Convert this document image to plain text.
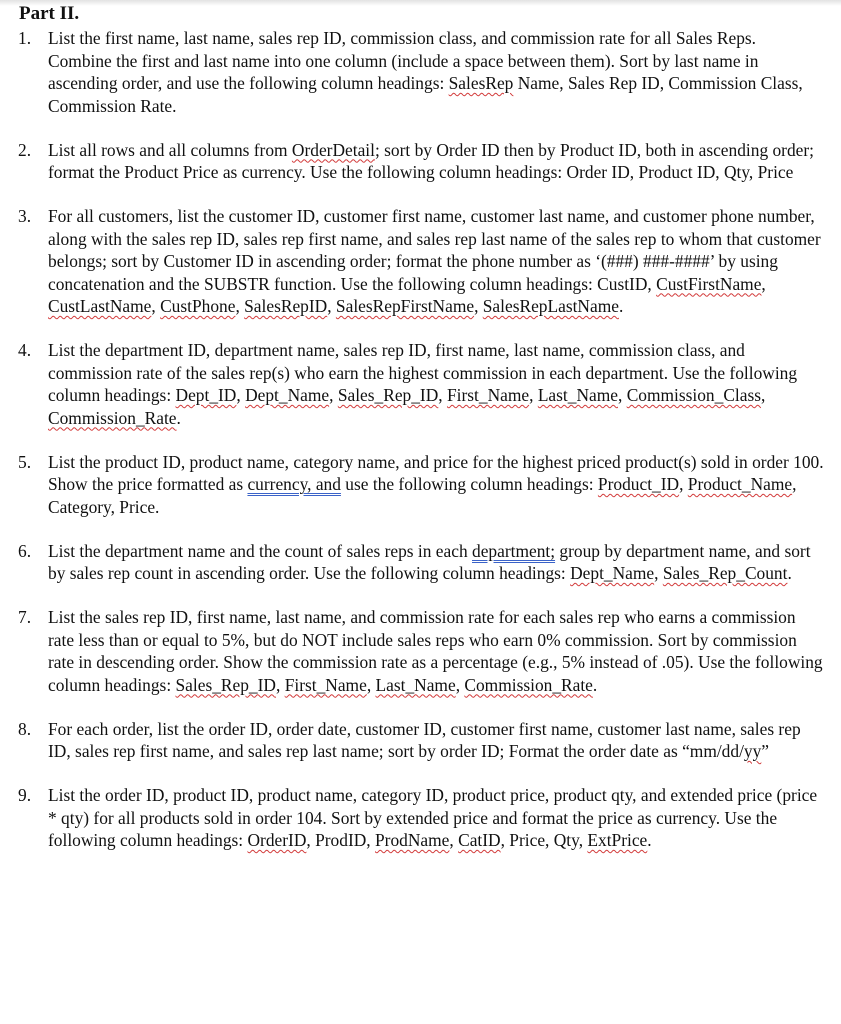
Part II.
1. List the first name, last name, sales rep ID, commission class, and commission rate for all Sales Reps. Combine the first and last name into one column (include a space between them). Sort by last name in ascending order, and use the following column headings: SalesRep Name, Sales Rep ID, Commission Class, Commission Rate.
2. List all rows and all columns from OrderDetail; sort by Order ID then by Product ID, both in ascending order; format the Product Price as currency. Use the following column headings: Order ID, Product ID, Qty, Price
3. For all customers, list the customer ID, customer first name, customer last name, and customer phone number, along with the sales rep ID, sales rep first name, and sales rep last name of the sales rep to whom that customer belongs; sort by Customer ID in ascending order; format the phone number as ‘(###) ###-####’ by using concatenation and the SUBSTR function. Use the following column headings: CustID, CustFirstName, CustLastName, CustPhone, SalesRepID, SalesRepFirstName, SalesRepLastName.
4. List the department ID, department name, sales rep ID, first name, last name, commission class, and commission rate of the sales rep(s) who earn the highest commission in each department. Use the following column headings: Dept_ID, Dept_Name, Sales_Rep_ID, First_Name, Last_Name, Commission_Class, Commission_Rate.
5. List the product ID, product name, category name, and price for the highest priced product(s) sold in order 100. Show the price formatted as currency, and use the following column headings: Product_ID, Product_Name, Category, Price.
6. List the department name and the count of sales reps in each department; group by department name, and sort by sales rep count in ascending order. Use the following column headings: Dept_Name, Sales_Rep_Count.
7. List the sales rep ID, first name, last name, and commission rate for each sales rep who earns a commission rate less than or equal to 5%, but do NOT include sales reps who earn 0% commission. Sort by commission rate in descending order. Show the commission rate as a percentage (e.g., 5% instead of .05). Use the following column headings: Sales_Rep_ID, First_Name, Last_Name, Commission_Rate.
8. For each order, list the order ID, order date, customer ID, customer first name, customer last name, sales rep ID, sales rep first name, and sales rep last name; sort by order ID; Format the order date as “mm/dd/yy”
9. List the order ID, product ID, product name, category ID, product price, product qty, and extended price (price * qty) for all products sold in order 104. Sort by extended price and format the price as currency. Use the following column headings: OrderID, ProdID, ProdName, CatID, Price, Qty, ExtPrice.
